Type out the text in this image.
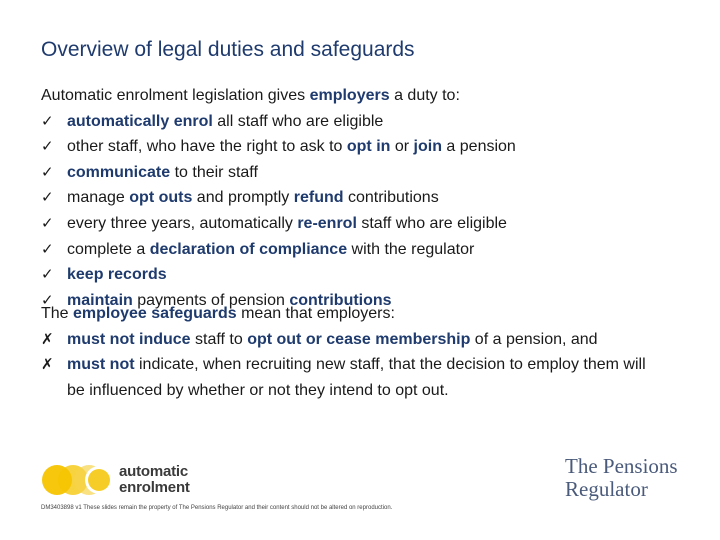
Overview of legal duties and safeguards
Automatic enrolment legislation gives employers a duty to:
✓ automatically enrol all staff who are eligible
✓ other staff, who have the right to ask to opt in or join a pension
✓ communicate to their staff
✓ manage opt outs and promptly refund contributions
✓ every three years, automatically re-enrol staff who are eligible
✓ complete a declaration of compliance with the regulator
✓ keep records
✓ maintain payments of pension contributions
The employee safeguards mean that employers:
✗ must not induce staff to opt out or cease membership of a pension, and
✗ must not indicate, when recruiting new staff, that the decision to employ them will be influenced by whether or not they intend to opt out.
automatic
enrolment
The Pensions
Regulator
DM3403898 v1 These slides remain the property of The Pensions Regulator and their content should not be altered on reproduction.
